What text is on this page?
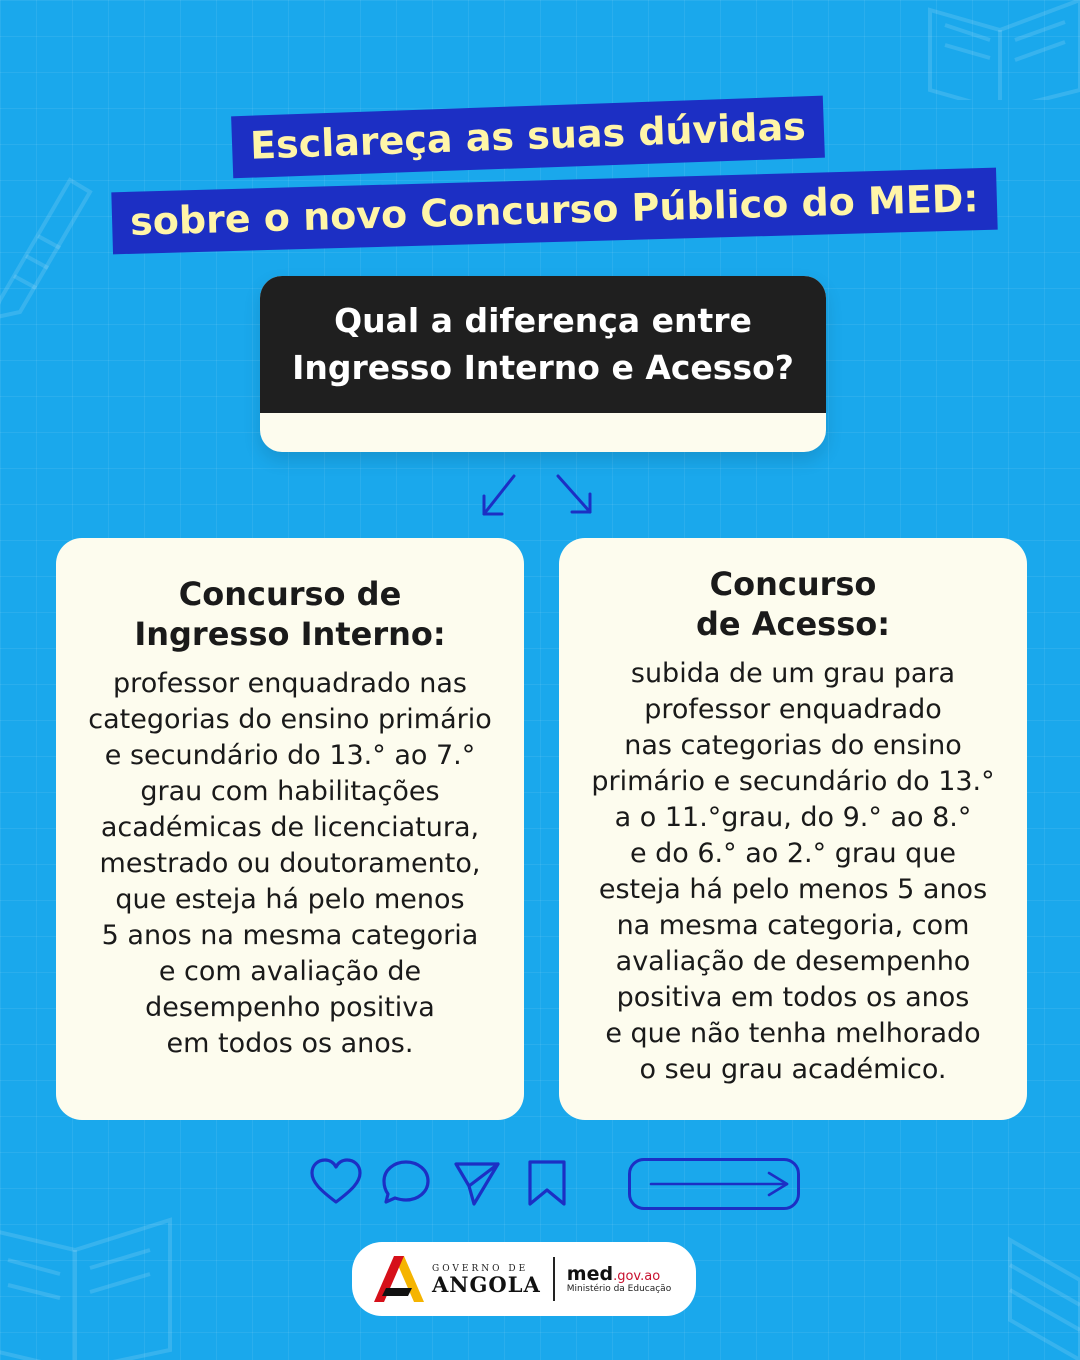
Esclareça as suas dúvidas
sobre o novo Concurso Público do MED:
Qual a diferença entre
Ingresso Interno e Acesso?
Concurso de
Ingresso Interno:
professor enquadrado nas
categorias do ensino primário
e secundário do 13.° ao 7.°
grau com habilitações
académicas de licenciatura,
mestrado ou doutoramento,
que esteja há pelo menos
5 anos na mesma categoria
e com avaliação de
desempenho positiva
em todos os anos.
Concurso
de Acesso:
subida de um grau para
professor enquadrado
nas categorias do ensino
primário e secundário do 13.°
a o 11.°grau, do 9.° ao 8.°
e do 6.° ao 2.° grau que
esteja há pelo menos 5 anos
na mesma categoria, com
avaliação de desempenho
positiva em todos os anos
e que não tenha melhorado
o seu grau académico.
GOVERNO DE
ANGOLA med.gov.ao
Ministério da Educação
